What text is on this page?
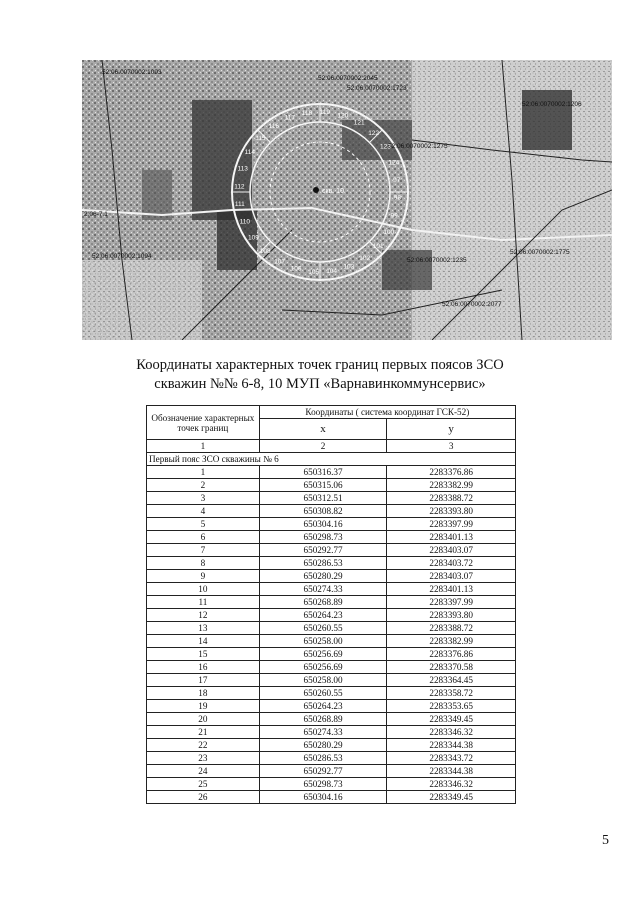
скв. 10
52:06:0070002:1093
52:06:0070002:2045
52:06:0070002:1723
52:06:0070002:1206
52:06:0070002:1275
52:06:0070002:1094
52:06:0070002:1235
52:06:0070002:1775
52:06:0070002:2077
2:06-7.1
117
118 119 120
121
122
123
124
97
98
99
100
101
102
103
104
105
106
107
108
109
110
111
112
113
114
115
116
Координаты характерных точек границ первых поясов ЗСО
скважин №№ 6-8, 10 МУП «Варнавинкоммунсервис»
Обозначение характерных точек границ	Координаты ( система координат ГСК-52)	
	x	y
1	2	3
Первый пояс ЗСО скважины № 6		
1	650316.37	2283376.86
2	650315.06	2283382.99
3	650312.51	2283388.72
4	650308.82	2283393.80
5	650304.16	2283397.99
6	650298.73	2283401.13
7	650292.77	2283403.07
8	650286.53	2283403.72
9	650280.29	2283403.07
10	650274.33	2283401.13
11	650268.89	2283397.99
12	650264.23	2283393.80
13	650260.55	2283388.72
14	650258.00	2283382.99
15	650256.69	2283376.86
16	650256.69	2283370.58
17	650258.00	2283364.45
18	650260.55	2283358.72
19	650264.23	2283353.65
20	650268.89	2283349.45
21	650274.33	2283346.32
22	650280.29	2283344.38
23	650286.53	2283343.72
24	650292.77	2283344.38
25	650298.73	2283346.32
26	650304.16	2283349.45
5
